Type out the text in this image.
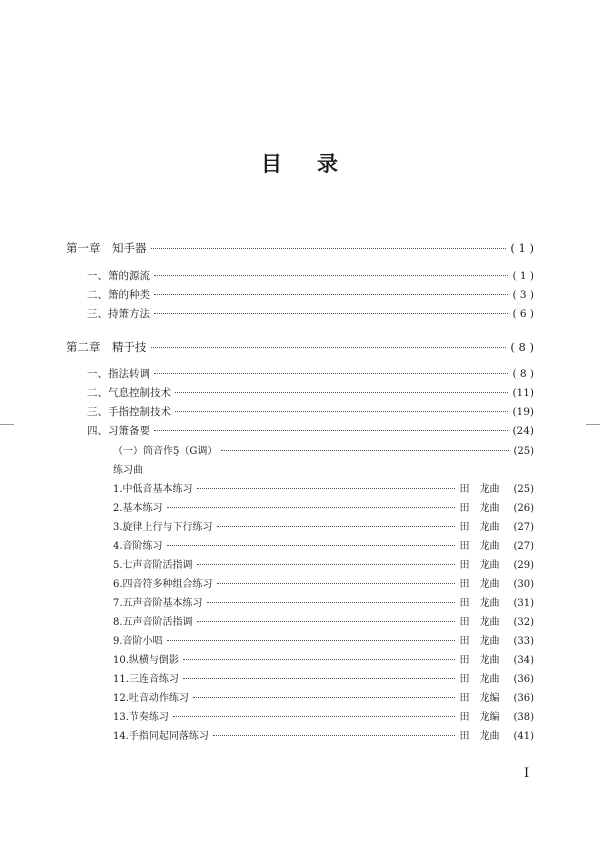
目 录
第一章　知手器	( 1 )
一、箫的源流	( 1 )
二、箫的种类	( 3 )
三、持箫方法	( 6 )
第二章　精于技	( 8 )
一、指法转调	( 8 )
二、气息控制技术	(11)
三、手指控制技术	(19)
四、习箫备要	(24)
（一）筒音作5̣（G调）	(25)
练习曲
1.中低音基本练习	田　龙曲 (25)
2.基本练习	田　龙曲 (26)
3.旋律上行与下行练习	田　龙曲 (27)
4.音阶练习	田　龙曲 (27)
5.七声音阶活指调	田　龙曲 (29)
6.四音符多种组合练习	田　龙曲 (30)
7.五声音阶基本练习	田　龙曲 (31)
8.五声音阶活指调	田　龙曲 (32)
9.音阶小唱	田　龙曲 (33)
10.纵横与倒影	田　龙曲 (34)
11.三连音练习	田　龙曲 (36)
12.吐音动作练习	田　龙编 (36)
13.节奏练习	田　龙编 (38)
14.手指同起同落练习	田　龙曲 (41)
I
